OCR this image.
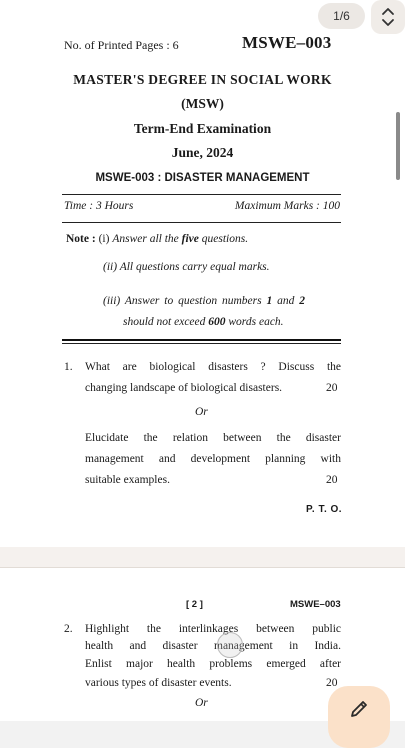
No. of Printed Pages : 6	MSWE–003
MASTER'S DEGREE IN SOCIAL WORK
(MSW)
Term-End Examination
June, 2024
MSWE-003 : DISASTER MANAGEMENT
Time : 3 Hours	Maximum Marks : 100
Note : (i) Answer all the five questions.
(ii) All questions carry equal marks.
(iii) Answer to question numbers 1 and 2
should not exceed 600 words each.
1. What are biological disasters ? Discuss the
changing landscape of biological disasters.	20
Or
Elucidate the relation between the disaster
management and development planning with
suitable examples.	20
P. T. O.
[ 2 ]	MSWE–003
2. Highlight the interlinkages between public
health and disaster management in India.
Enlist major health problems emerged after
various types of disaster events.	20
Or
1/6
